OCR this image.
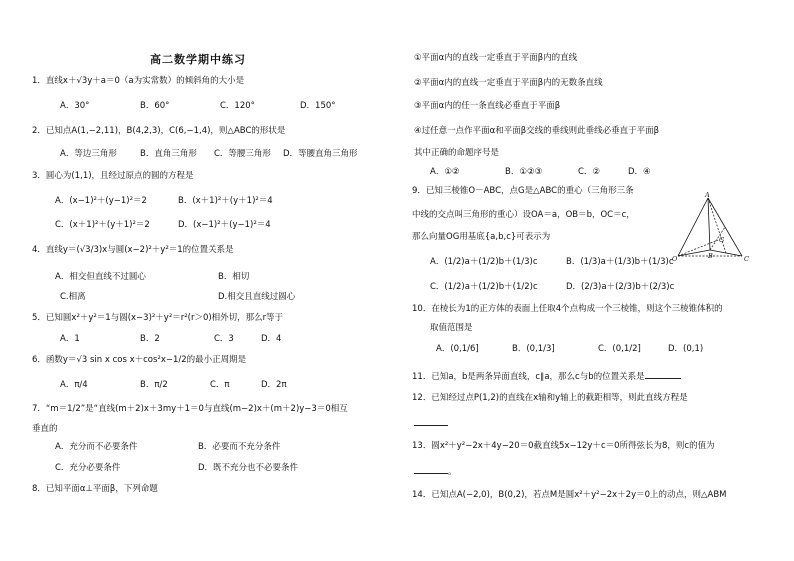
高二数学期中练习
1．直线x＋√3y＋a＝0（a为实常数）的倾斜角的大小是
A．30°	B．60°	C．120°	D．150°
2．已知点A(1,−2,11)，B(4,2,3)，C(6,−1,4)，则△ABC的形状是
A．等边三角形	B．直角三角形 C．等腰三角形 D．等腰直角三角形
3．圆心为(1,1)，且经过原点的圆的方程是
A．(x−1)²＋(y−1)²＝2	B．(x＋1)²＋(y＋1)²＝4
C．(x＋1)²＋(y＋1)²＝2	D．(x−1)²＋(y−1)²＝4
4．直线y＝(√3/3)x与圆(x−2)²＋y²＝1的位置关系是
A．相交但直线不过圆心	B．相切
C.相离	D.相交且直线过圆心
5．已知圆x²＋y²＝1与圆(x−3)²＋y²＝r²(r＞0)相外切，那么r等于
A．1	B．2	C．3	D．4
6．函数y＝√3 sin x cos x＋cos²x−1/2的最小正周期是
A．π/4	B．π/2	C．π	D．2π
7．“m＝1/2”是“直线(m＋2)x＋3my＋1＝0与直线(m−2)x＋(m＋2)y−3＝0相互
垂直的
A．充分而不必要条件	B．必要而不充分条件
C．充分必要条件	D．既不充分也不必要条件
8．已知平面α⊥平面β，下列命题
①平面α内的直线一定垂直于平面β内的直线
②平面α内的直线一定垂直于平面β内的无数条直线
③平面α内的任一条直线必垂直于平面β
④过任意一点作平面α和平面β交线的垂线则此垂线必垂直于平面β
其中正确的命题序号是
A．①②	B．①②③	C．②	D．④
9．已知三棱锥O－ABC，点G是△ABC的重心（三角形三条
中线的交点叫三角形的重心）设OA＝a，OB＝b，OC＝c，
那么向量OG用基底{a,b,c}可表示为
A．(1/2)a＋(1/2)b＋(1/3)c	B．(1/3)a＋(1/3)b＋(1/3)c
C．(1/2)a＋(1/2)b＋(1/2)c	D．(2/3)a＋(2/3)b＋(2/3)c
A
O	B	C
G
10．在棱长为1的正方体的表面上任取4个点构成一个三棱锥，则这个三棱锥体积的
取值范围是
A．(0,1/6]	B．(0,1/3]	C．(0,1/2]	D．(0,1)
11．已知a，b是两条异面直线，c∥a，那么c与b的位置关系是
12．已知经过点P(1,2)的直线在x轴和y轴上的截距相等，则此直线方程是
13．圆x²＋y²−2x＋4y−20＝0截直线5x−12y＋c＝0所得弦长为8，则c的值为
。
14．已知点A(−2,0)，B(0,2)，若点M是圆x²＋y²−2x＋2y＝0上的动点，则△ABM
